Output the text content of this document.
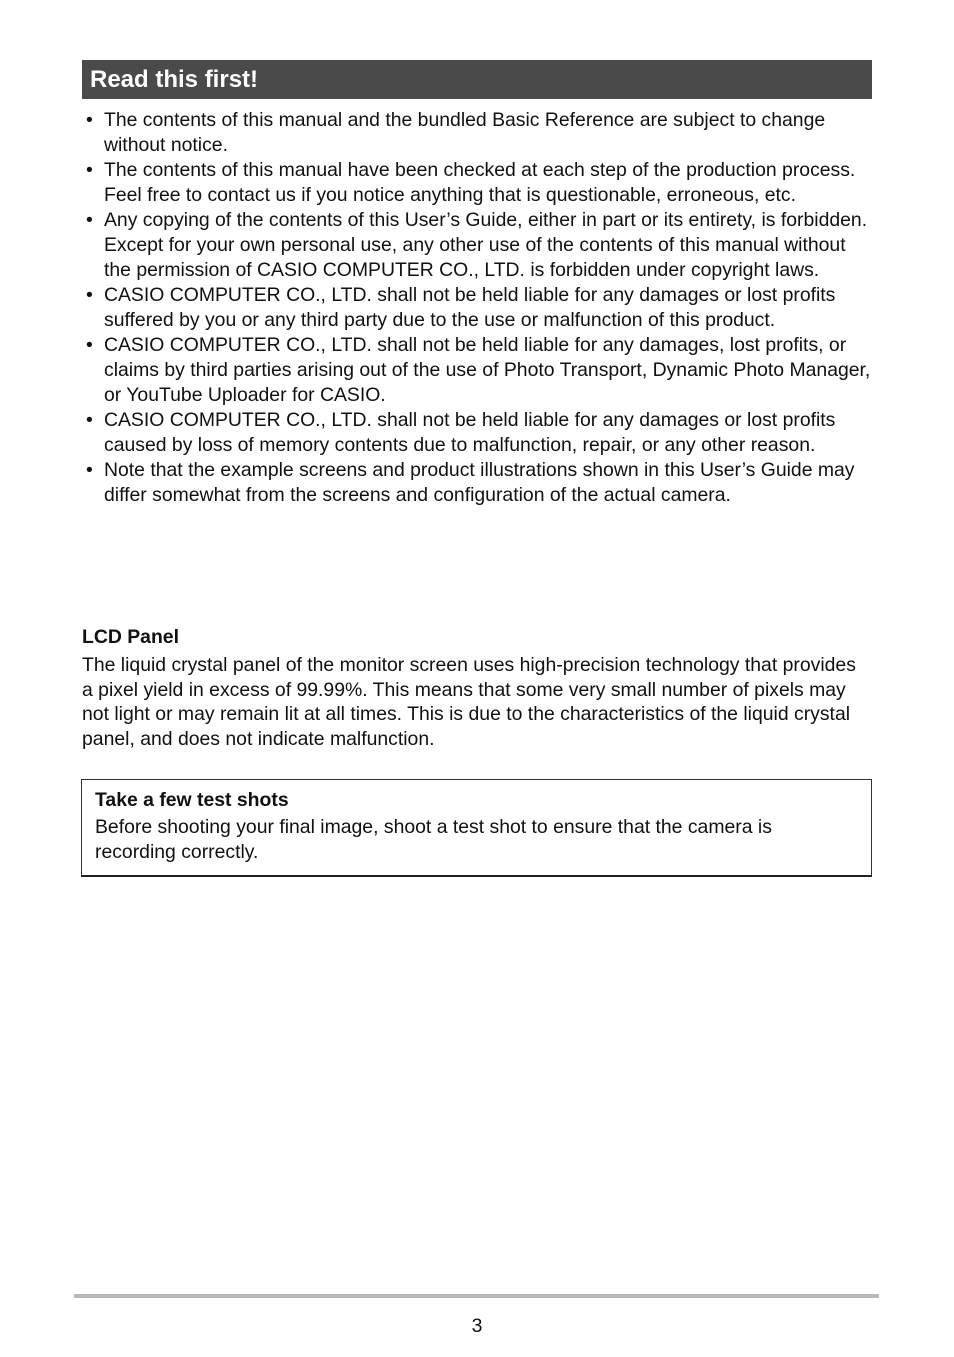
Read this first!
• The contents of this manual and the bundled Basic Reference are subject to change without notice.
• The contents of this manual have been checked at each step of the production process. Feel free to contact us if you notice anything that is questionable, erroneous, etc.
• Any copying of the contents of this User’s Guide, either in part or its entirety, is forbidden. Except for your own personal use, any other use of the contents of this manual without the permission of CASIO COMPUTER CO., LTD. is forbidden under copyright laws.
• CASIO COMPUTER CO., LTD. shall not be held liable for any damages or lost profits suffered by you or any third party due to the use or malfunction of this product.
• CASIO COMPUTER CO., LTD. shall not be held liable for any damages, lost profits, or claims by third parties arising out of the use of Photo Transport, Dynamic Photo Manager, or YouTube Uploader for CASIO.
• CASIO COMPUTER CO., LTD. shall not be held liable for any damages or lost profits caused by loss of memory contents due to malfunction, repair, or any other reason.
• Note that the example screens and product illustrations shown in this User’s Guide may differ somewhat from the screens and configuration of the actual camera.
LCD Panel

The liquid crystal panel of the monitor screen uses high-precision technology that provides a pixel yield in excess of 99.99%. This means that some very small number of pixels may not light or may remain lit at all times. This is due to the characteristics of the liquid crystal panel, and does not indicate malfunction.

Take a few test shots

Before shooting your final image, shoot a test shot to ensure that the camera is recording correctly.

3
